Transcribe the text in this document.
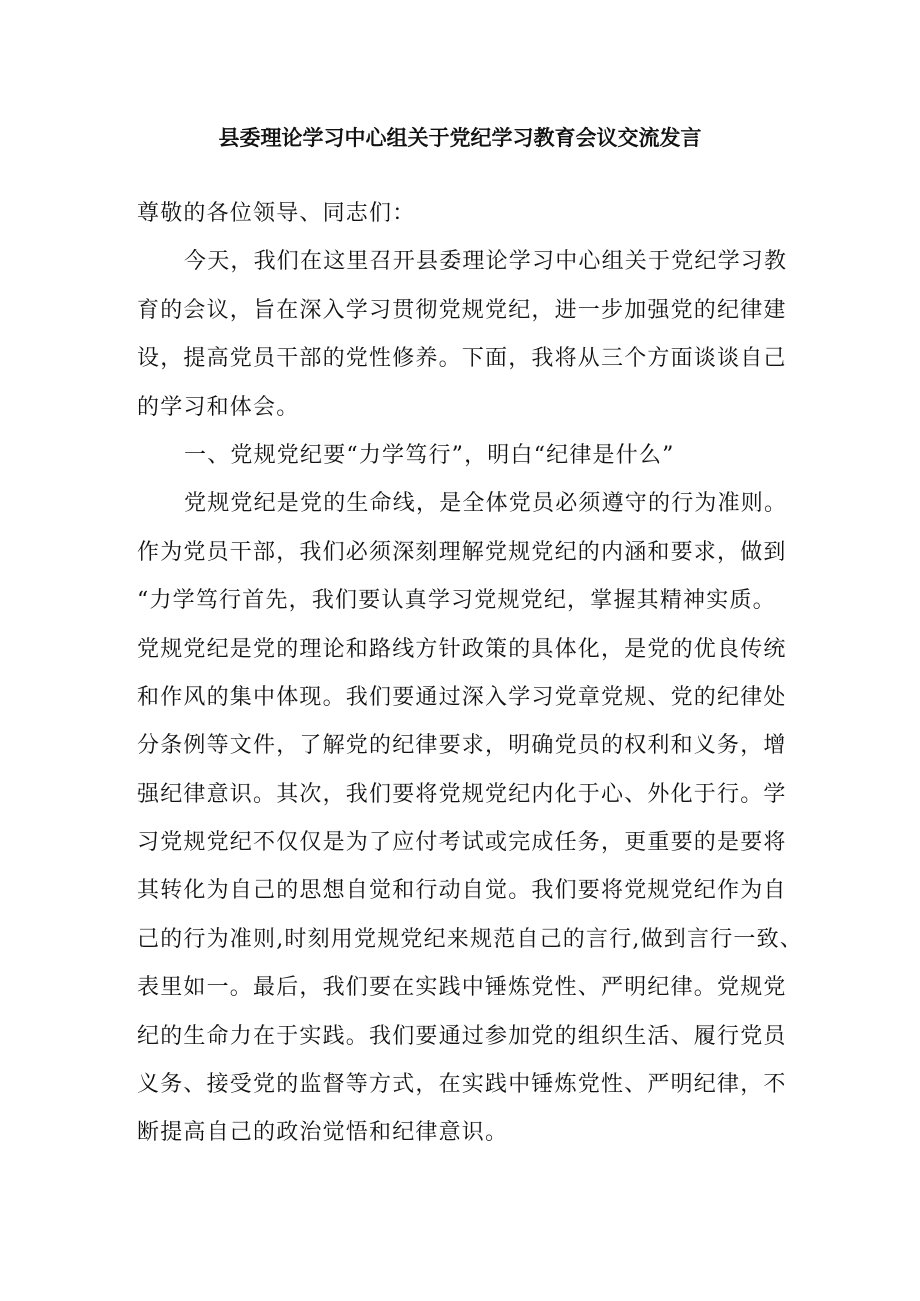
县委理论学习中心组关于党纪学习教育会议交流发言
尊敬的各位领导、同志们：
今天，我们在这里召开县委理论学习中心组关于党纪学习教
育的会议，旨在深入学习贯彻党规党纪，进一步加强党的纪律建
设，提高党员干部的党性修养。下面，我将从三个方面谈谈自己
的学习和体会。
一、党规党纪要“力学笃行”，明白“纪律是什么”
党规党纪是党的生命线，是全体党员必须遵守的行为准则。
作为党员干部，我们必须深刻理解党规党纪的内涵和要求，做到
“力学笃行首先，我们要认真学习党规党纪，掌握其精神实质。
党规党纪是党的理论和路线方针政策的具体化，是党的优良传统
和作风的集中体现。我们要通过深入学习党章党规、党的纪律处
分条例等文件，了解党的纪律要求，明确党员的权利和义务，增
强纪律意识。其次，我们要将党规党纪内化于心、外化于行。学
习党规党纪不仅仅是为了应付考试或完成任务，更重要的是要将
其转化为自己的思想自觉和行动自觉。我们要将党规党纪作为自
己的行为准则,时刻用党规党纪来规范自己的言行,做到言行一致、
表里如一。最后，我们要在实践中锤炼党性、严明纪律。党规党
纪的生命力在于实践。我们要通过参加党的组织生活、履行党员
义务、接受党的监督等方式，在实践中锤炼党性、严明纪律，不
断提高自己的政治觉悟和纪律意识。
